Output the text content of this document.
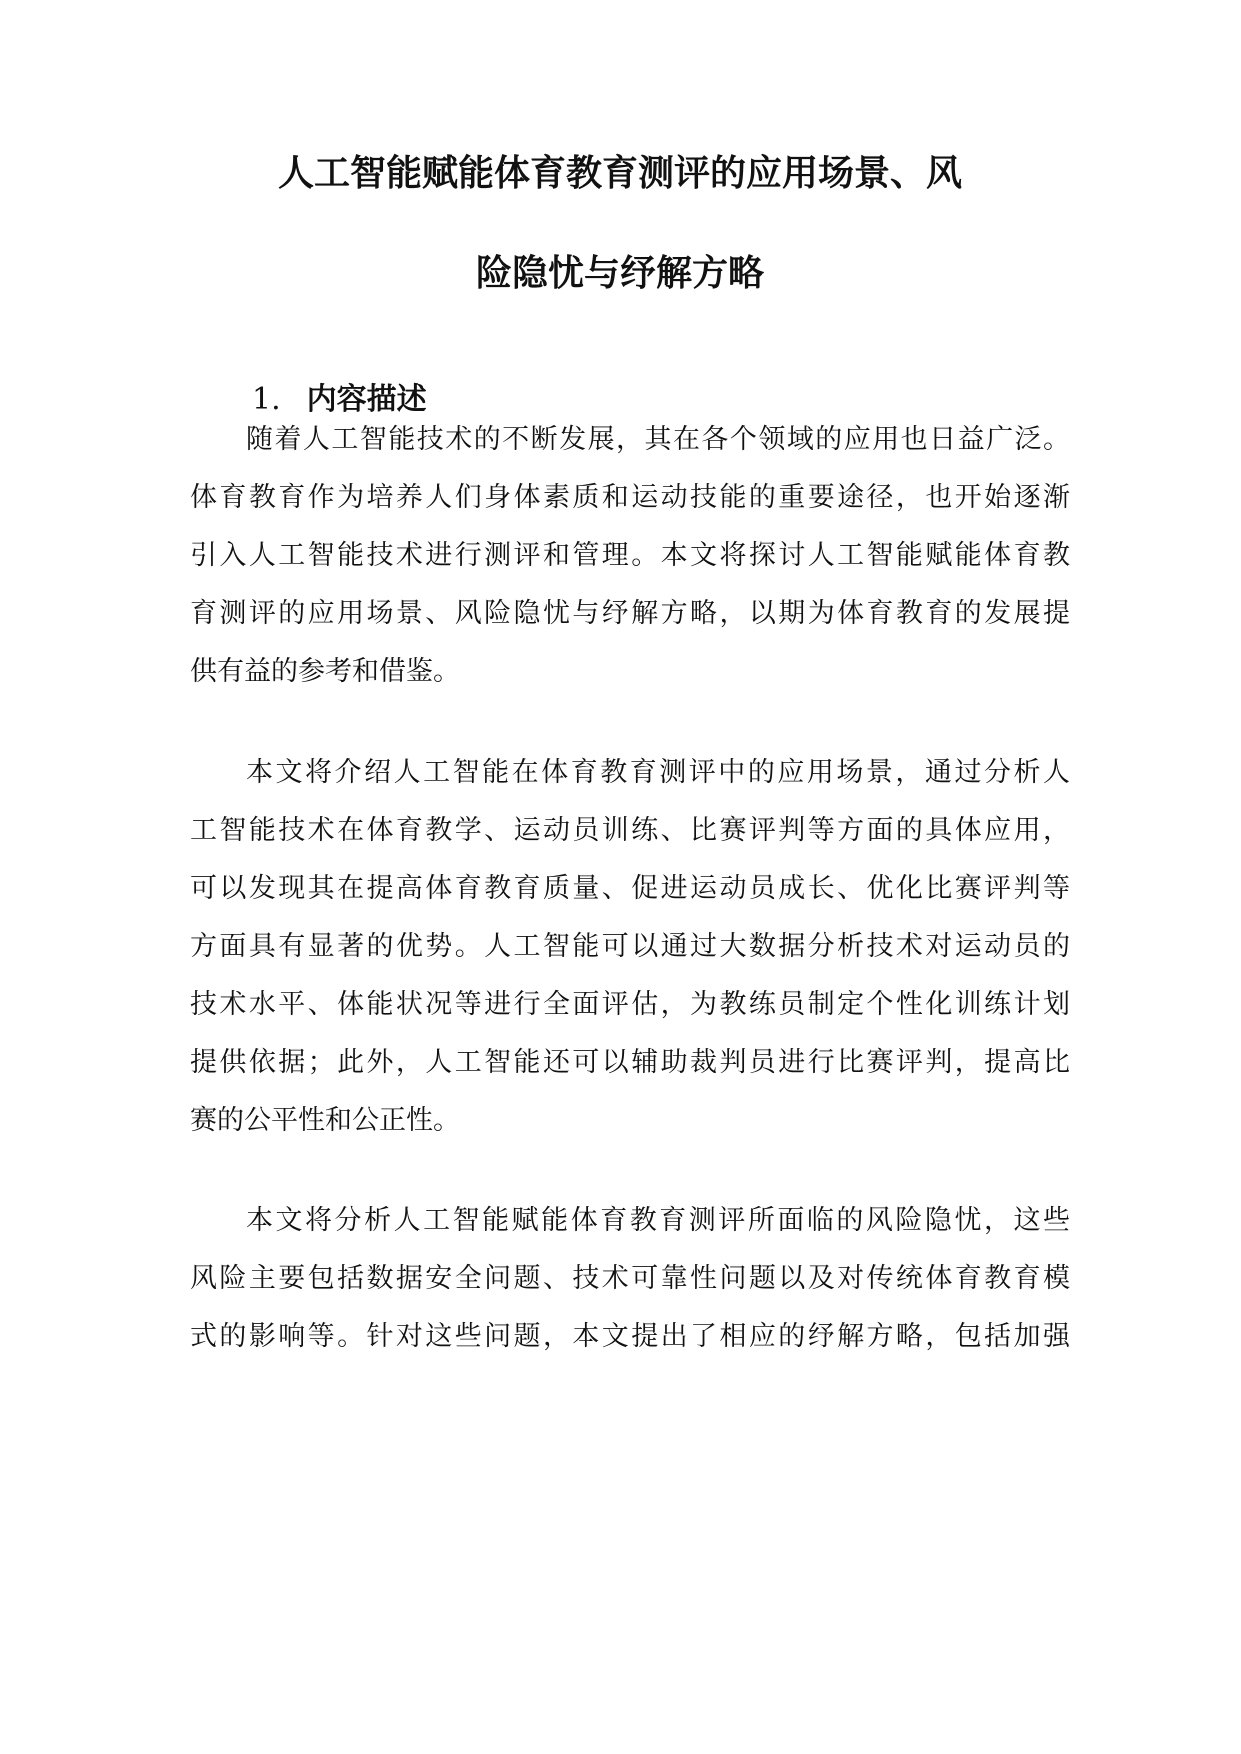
人工智能赋能体育教育测评的应用场景、风
险隐忧与纾解方略
1. 内容描述
随着人工智能技术的不断发展，其在各个领域的应用也日益广泛。
体育教育作为培养人们身体素质和运动技能的重要途径，也开始逐渐
引入人工智能技术进行测评和管理。本文将探讨人工智能赋能体育教
育测评的应用场景、风险隐忧与纾解方略，以期为体育教育的发展提
供有益的参考和借鉴。
本文将介绍人工智能在体育教育测评中的应用场景，通过分析人
工智能技术在体育教学、运动员训练、比赛评判等方面的具体应用，
可以发现其在提高体育教育质量、促进运动员成长、优化比赛评判等
方面具有显著的优势。人工智能可以通过大数据分析技术对运动员的
技术水平、体能状况等进行全面评估，为教练员制定个性化训练计划
提供依据；此外，人工智能还可以辅助裁判员进行比赛评判，提高比
赛的公平性和公正性。
本文将分析人工智能赋能体育教育测评所面临的风险隐忧，这些
风险主要包括数据安全问题、技术可靠性问题以及对传统体育教育模
式的影响等。针对这些问题，本文提出了相应的纾解方略，包括加强
